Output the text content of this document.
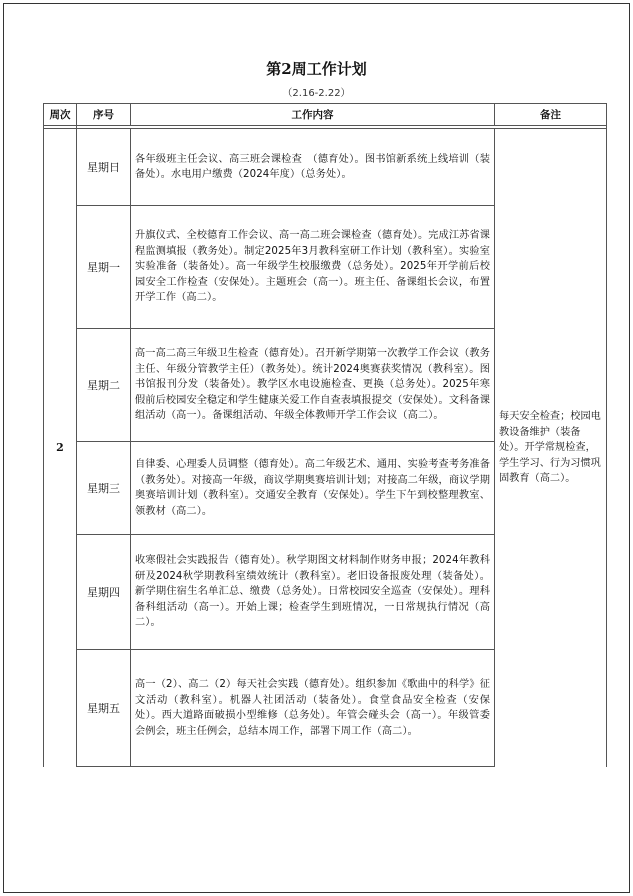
第2周工作计划
（2.16-2.22）
周次	序号	工作内容	备注

2	星期日	各年级班主任会议、高三班会课检查　（德育处）。图书馆新系统上线培训（装备处）。水电用户缴费（2024年度）（总务处）。	每天安全检查；校园电教设备维护（装备处）。开学常规检查，学生学习、行为习惯巩固教育（高二）。
	星期一	升旗仪式、全校德育工作会议、高一高二班会课检查（德育处）。完成江苏省课程监测填报（教务处）。制定2025年3月教科室研工作计划（教科室）。实验室实验准备（装备处）。高一年级学生校服缴费（总务处）。2025年开学前后校园安全工作检查（安保处）。主题班会（高一）。班主任、备课组长会议，布置开学工作（高二）。	
	星期二	高一高二高三年级卫生检查（德育处）。召开新学期第一次教学工作会议（教务主任、年级分管教学主任）（教务处）。统计2024奥赛获奖情况（教科室）。图书馆报刊分发（装备处）。教学区水电设施检查、更换（总务处）。2025年寒假前后校园安全稳定和学生健康关爱工作自查表填报提交（安保处）。文科备课组活动（高一）。备课组活动、年级全体教师开学工作会议（高二）。	
	星期三	自律委、心理委人员调整（德育处）。高二年级艺术、通用、实验考查考务准备（教务处）。对接高一年级，商议学期奥赛培训计划；对接高二年级，商议学期奥赛培训计划（教科室）。交通安全教育（安保处）。学生下午到校整理教室、领教材（高二）。	
	星期四	收寒假社会实践报告（德育处）。秋学期图文材料制作财务申报；2024年教科研及2024秋学期教科室绩效统计（教科室）。老旧设备报废处理（装备处）。新学期住宿生名单汇总、缴费（总务处）。日常校园安全巡查（安保处）。理科备科组活动（高一）。开始上课；检查学生到班情况，一日常规执行情况（高二）。	
	星期五	高一（2）、高二（2）每天社会实践（德育处）。组织参加《歌曲中的科学》征文活动（教科室）。机器人社团活动（装备处）。食堂食品安全检查（安保处）。西大道路面破损小型维修（总务处）。年管会碰头会（高一）。年级管委会例会，班主任例会，总结本周工作，部署下周工作（高二）。	
